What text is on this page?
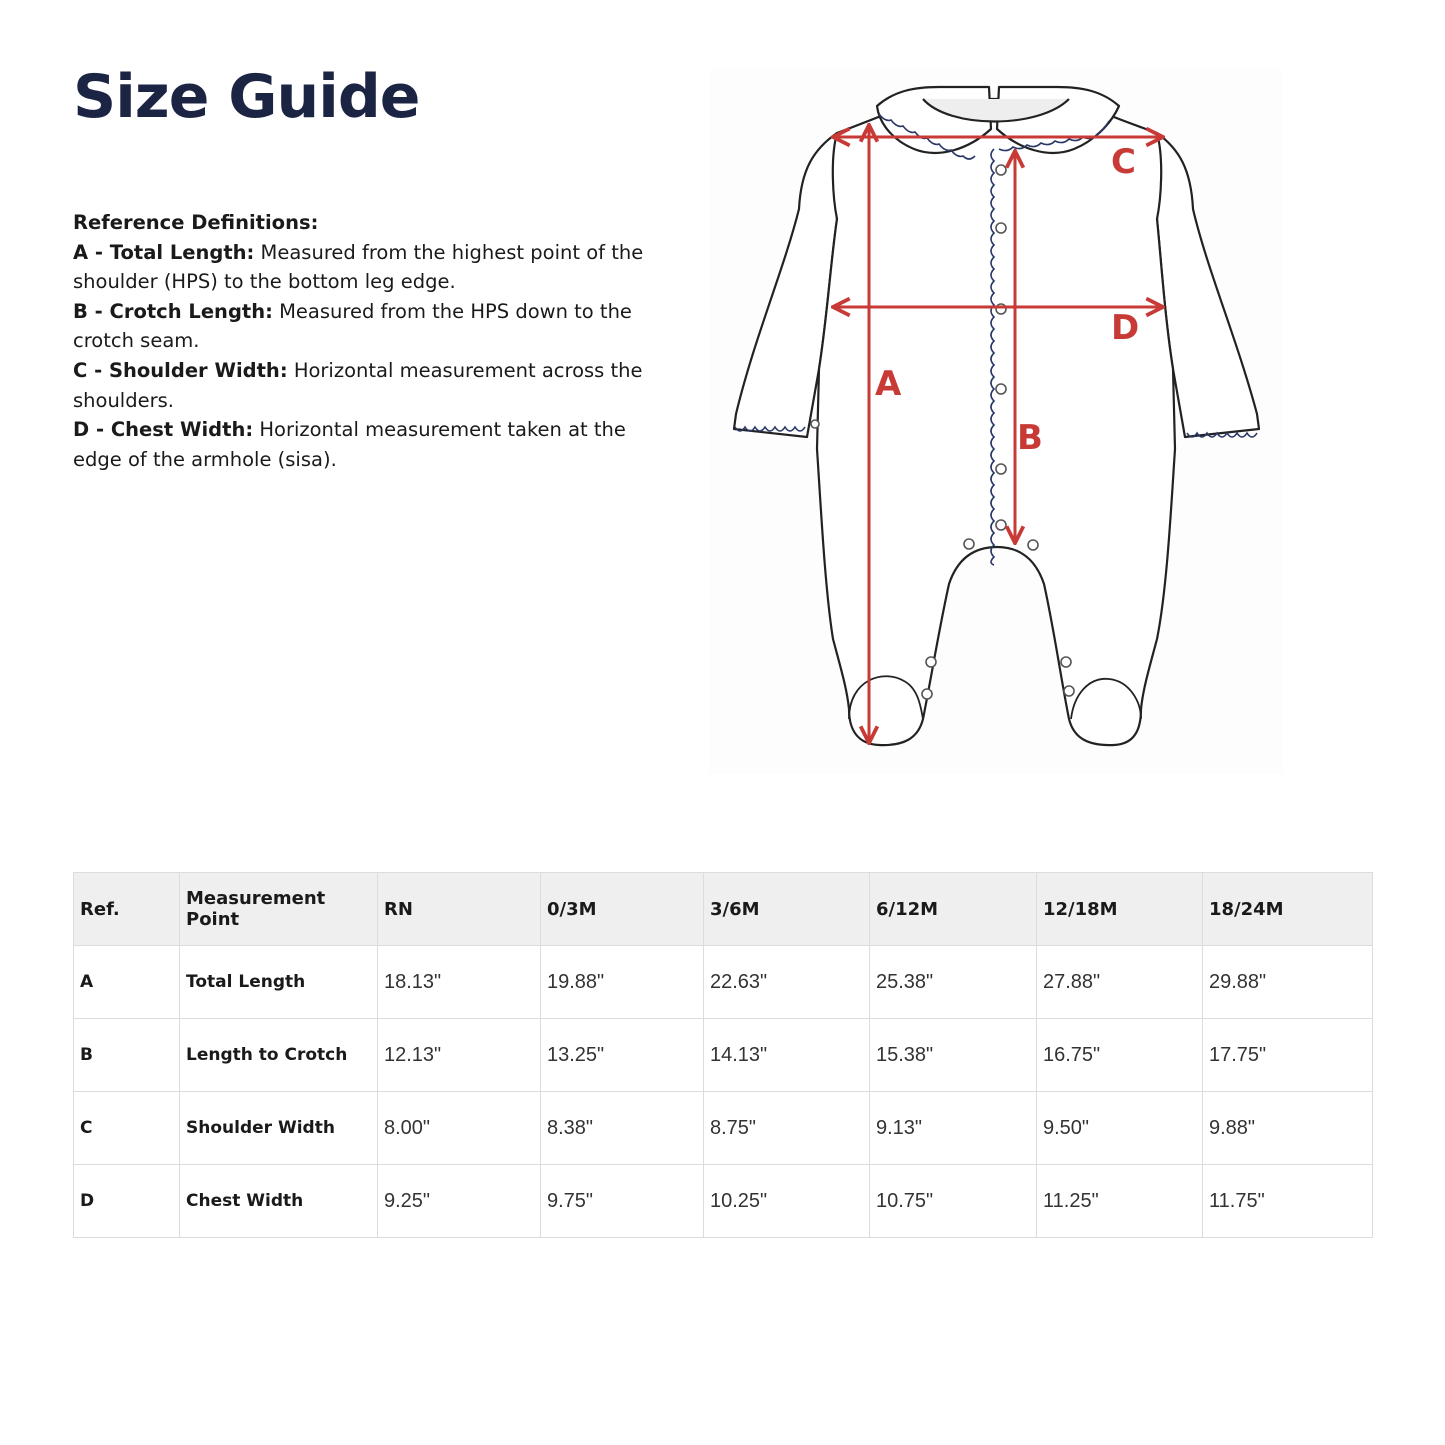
Size Guide
Reference Definitions:
A - Total Length: Measured from the highest point of the shoulder (HPS) to the bottom leg edge.
B - Crotch Length: Measured from the HPS down to the crotch seam.
C - Shoulder Width: Horizontal measurement across the shoulders.
D - Chest Width: Horizontal measurement taken at the edge of the armhole (sisa).
C
D
A
B
Ref.	Measurement Point	RN	0/3M	3/6M	6/12M	12/18M	18/24M
A	Total Length	18.13"	19.88"	22.63"	25.38"	27.88"	29.88"
B	Length to Crotch	12.13"	13.25"	14.13"	15.38"	16.75"	17.75"
C	Shoulder Width	8.00"	8.38"	8.75"	9.13"	9.50"	9.88"
D	Chest Width	9.25"	9.75"	10.25"	10.75"	11.25"	11.75"
